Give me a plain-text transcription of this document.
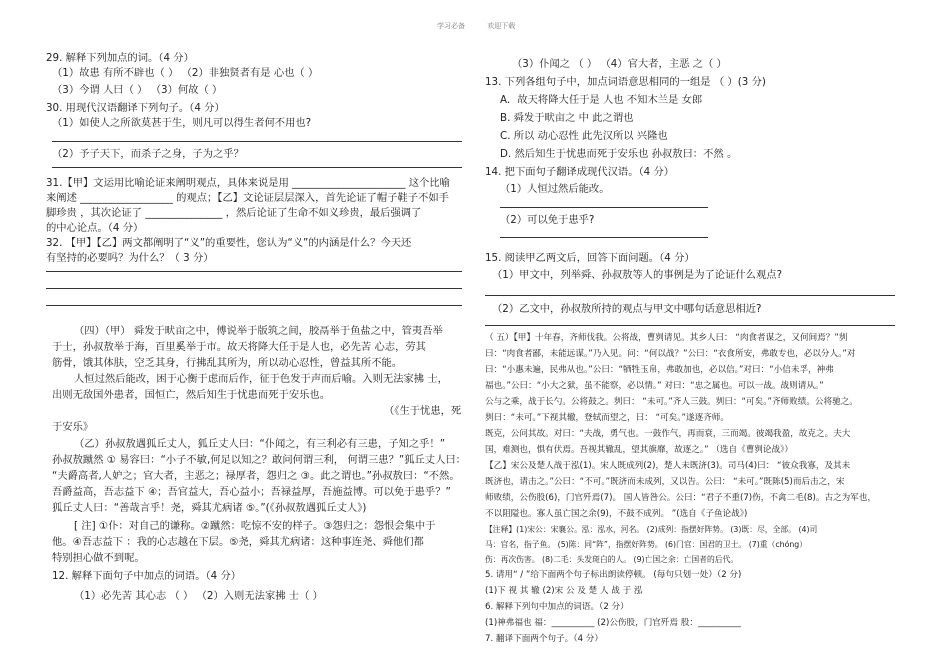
学习必备	欢迎下载
29. 解释下列加点的词。（4 分）
（1）故患 有所不辟也（ ） （2）非独贤者有是 心也（ ）
（3）今谓 人曰（ ） （3）何故（ ）
30. 用现代汉语翻译下列句子。（4 分）
（1）如使人之所欲莫甚于生，则凡可以得生者何不用也?
（2）予子天下，而杀子之身，子为之乎？
31.【甲】文运用比喻论证来阐明观点，具体来说是用 ______________________ 这个比喻
来阐述 __________________ 的观点；【乙】文论证层层深入，首先论证了帽子鞋子不如手
脚珍贵 ，其次论证了 _______________ ，然后论证了生命不如义珍贵，最后强调了
的中心论点。（4 分）
32. 【甲】【乙】两文都阐明了“义”的重要性，您认为“义”的内涵是什么？今天还
有坚持的必要吗？为什么？（ 3 分）
（四）（甲） 舜发于畎亩之中，傅说举于版筑之间，胶鬲举于鱼盐之中，管夷吾举
于士，孙叔敖举于海，百里奚举于市。故天将降大任于是人也，必先苦 心志，劳其
筋骨，饿其体肤，空乏其身，行拂乱其所为，所以动心忍性，曾益其所不能。
人恒过然后能改，困于心衡于虑而后作，征于色发于声而后喻。入则无法家拂 士，
出则无敌国外患者，国恒亡，然后知生于忧患而死于安乐也。
（《生于忧患，死
于安乐》
（乙）孙叔敖遇狐丘丈人，狐丘丈人曰：“仆闻之，有三利必有三患，子知之乎！”
孙叔敖蹴然 ① 易容曰：“小子不敏,何足以知之？敢问何谓三利， 何谓三患？”狐丘丈人曰：
“夫爵高者,人妒之；官大者，主恶之；禄厚者，怨归之 ③。此之谓也。”孙叔敖曰：“不然。
吾爵益高，吾志益下 ④；吾官益大，吾心益小；吾禄益厚，吾施益博。可以免于患乎？”
狐丘丈人曰：“善哉言乎！尧，舜其尤病诸 ⑤。”(《孙叔敖遇狐丘丈人》)
[ 注] ①仆：对自己的谦称。②蹴然：吃惊不安的样子。③怨归之：怨恨会集中于
他。④吾志益下 ：我的心志越在下层。⑤尧，舜其尤病诸：这种事连尧、舜他们都
特别担心做不到呢。
12. 解释下面句子中加点的词语。（4 分）
（1）必先苦 其心志 （ ） （2）入则无法家拂 士（ ）
（3）仆闻之 （ ） （4）官大者，主恶 之（ ）
13. 下列各组句子中，加点词语意思相同的一组是 （ ）(3 分)
A．故天将降大任于是 人也 不知木兰是 女郎
B. 舜发于畎亩之 中 此之谓也
C. 所以 动心忍性 此先汉所以 兴隆也
D. 然后知生于忧患而死于安乐也 孙叔敖曰：不然 。
14. 把下面句子翻译成现代汉语。（4 分）
（1）人恒过然后能改。
（2）可以免于患乎?
15. 阅读甲乙两文后，回答下面问题。（4 分）
（1）甲文中，列举舜、孙叔敖等人的事例是为了论证什么观点?
（2）乙文中，孙叔敖所持的观点与甲文中哪句话意思相近?
（ 五）【甲】十年春，齐师伐我。公将战，曹刿请见。其乡人曰： “肉食者谋之，又何间焉？”刿
曰：“肉食者鄙，未能远谋。”乃入见。问：“何以战？”公曰：“衣食所安，弗敢专也，必以分人。”对
曰：“小惠未遍，民弗从也。”公曰：“牺牲玉帛，弗敢加也，必以信。”对曰：“小信未孚，神弗
福也。”公曰：“小大之狱，虽不能察，必以情。” 对曰：“忠之属也。可以一战。战则请从。”
公与之乘，战于长勺。公将鼓之。刿曰： “未可。”齐人三鼓。刿曰：“可矣。”齐师败绩。公将驰之。
刿曰：“未可。”下视其辙，登轼而望之，曰： “可矣。”遂逐齐师。
既克，公问其故。对曰：“夫战，勇气也。一鼓作气，再而衰，三而竭。彼竭我盈，故克之。夫大
国，难测也，惧有伏焉。吾视其辙乱，望其旗靡，故逐之。” （选自《曹刿论战》）
【乙】宋公及楚人战于泓(1)。宋人既成列(2)，楚人未既济(3)。司马(4)曰： “彼众我寡，及其未
既济也，请击之。”公曰：“不可。”既济而未成列，又以告。公曰： “未可。”既陈(5)而后击之，宋
师败绩，公伤股(6)，门官歼焉(7)。 国人皆咎公。公曰：“君子不重(7)伤，不禽二毛(8)。古之为军也，
不以阻隘也。寡人虽亡国之余(9)，不鼓不成列。 ”(选自《子鱼论战》)
【注释】(1)宋公：宋襄公。泓：泓水，河名。 (2)成列：指摆好阵势。 (3)既：尽，全部。 (4)司
马：官名，指子鱼。 (5)陈：同“阵”，指摆好阵势。 (6)门官：国君的卫士。 (7)重（chóng）
伤：再次伤害。 (8)二毛：头发斑白的人。 (9)亡国之余：亡国者的后代。
5. 请用“ / ”给下面两个句子标出朗读停顿。 (每句只划一处）（2 分)
(1)下 视 其 辙 (2)宋 公 及 楚 人 战 于 泓
6. 解释下列句中加点的词语。（2 分）
(1)神弗福也 福：__________ (2)公伤股，门官歼焉 股：__________
7. 翻译下面两个句子。（4 分）
